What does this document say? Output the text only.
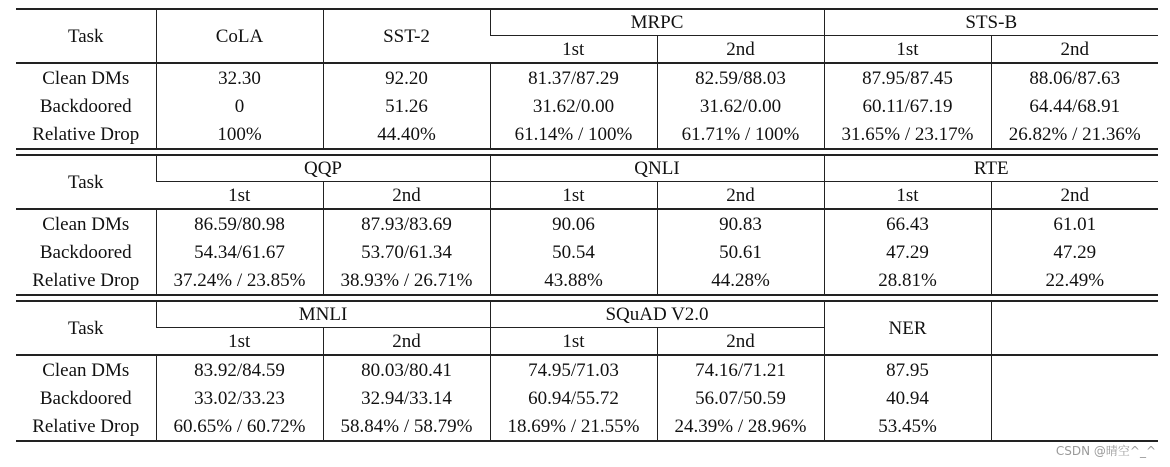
Task	CoLA	SST-2	MRPC		STS-B	
			1st	2nd	1st	2nd
Clean DMs	32.30	92.20	81.37/87.29	82.59/88.03	87.95/87.45	88.06/87.63
Backdoored	0	51.26	31.62/0.00	31.62/0.00	60.11/67.19	64.44/68.91
Relative Drop	100%	44.40%	61.14% / 100%	61.71% / 100%	31.65% / 23.17%	26.82% / 21.36%

Task	QQP		QNLI		RTE	
	1st	2nd	1st	2nd	1st	2nd
Clean DMs	86.59/80.98	87.93/83.69	90.06	90.83	66.43	61.01
Backdoored	54.34/61.67	53.70/61.34	50.54	50.61	47.29	47.29
Relative Drop	37.24% / 23.85%	38.93% / 26.71%	43.88%	44.28%	28.81%	22.49%

Task	MNLI		SQuAD V2.0		NER	
	1st	2nd	1st	2nd		
Clean DMs	83.92/84.59	80.03/80.41	74.95/71.03	74.16/71.21	87.95	
Backdoored	33.02/33.23	32.94/33.14	60.94/55.72	56.07/50.59	40.94	
Relative Drop	60.65% / 60.72%	58.84% / 58.79%	18.69% / 21.55%	24.39% / 28.96%	53.45%	
CSDN @晴空^_^
